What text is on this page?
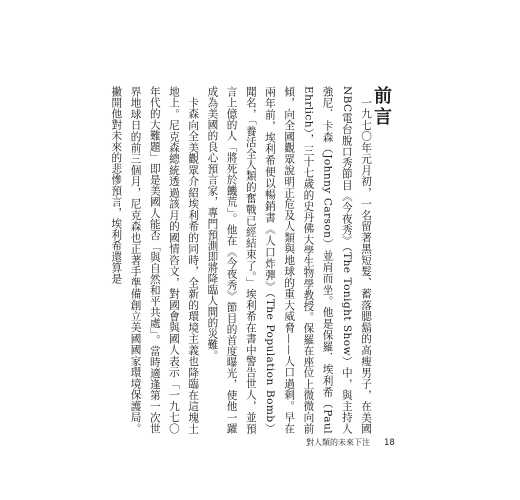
前言

一九七〇年元月初，一名留著黑短髮、蓄落腮鬍的高瘦男子，在美國NBC電台脫口秀節目《今夜秀》（The Tonight Show）中，與主持人強尼．卡森（Johnny Carson）並肩而坐。他是保羅．埃利希（Paul Ehrlich），三十七歲的史丹佛大學生物學教授。保羅在座位上微微向前傾，向全國觀眾說明正危及人類與地球的重大威脅——人口過剩。早在兩年前，埃利希便以暢銷書《人口炸彈》（The Population Bomb）聞名，「養活全人類的奮戰已經結束了。」埃利希在書中警告世人，並預言上億的人「將死於饑荒」。他在《今夜秀》節目的首度曝光，使他一躍成為美國的良心預言家，專門預測即將降臨人間的災難。

卡森向全美觀眾介紹埃利希的同時，全新的環境主義也降臨在這塊土地上。尼克森總統透過該月的國情咨文，對國會與國人表示「一九七〇年代的大難題」即是美國人能否「與自然和平共處」。當時適逢第一次世界地球日的前三個月，尼克森也正著手準備創立美國國家環境保護局。撇開他對未來的悲慘預言，埃利希還算是

對人類的未來下注 18
